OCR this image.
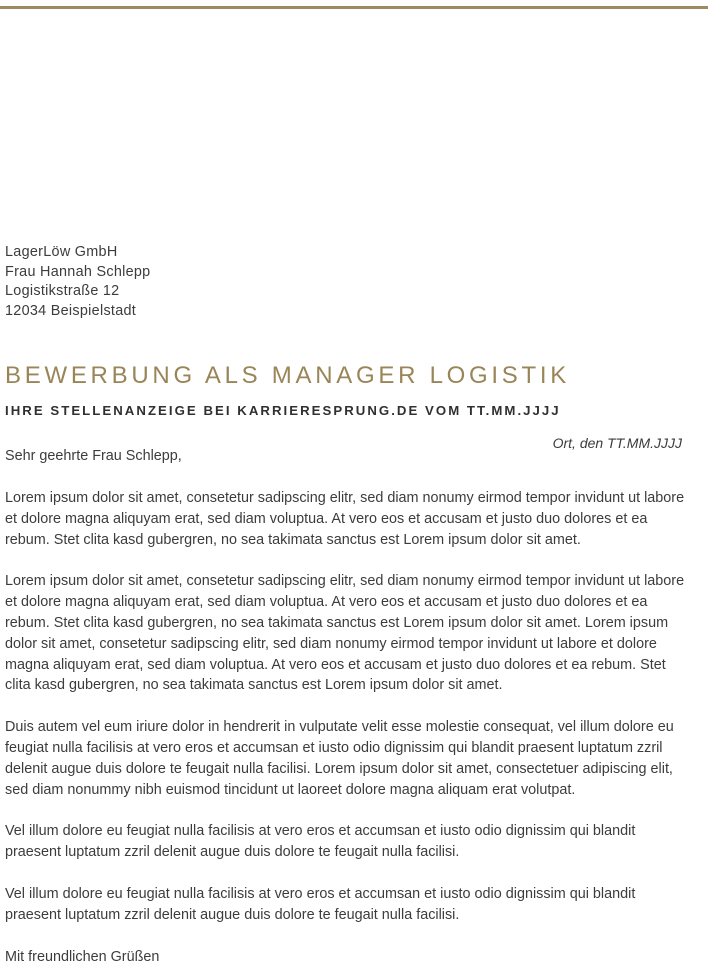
LagerLöw GmbH
Frau Hannah Schlepp
Logistikstraße 12
12034 Beispielstadt
BEWERBUNG ALS MANAGER LOGISTIK
IHRE STELLENANZEIGE BEI KARRIERESPRUNG.DE VOM TT.MM.JJJJ
Ort, den TT.MM.JJJJ
Sehr geehrte Frau Schlepp,

Lorem ipsum dolor sit amet, consetetur sadipscing elitr, sed diam nonumy eirmod tempor invidunt ut labore et dolore magna aliquyam erat, sed diam voluptua. At vero eos et accusam et justo duo dolores et ea rebum. Stet clita kasd gubergren, no sea takimata sanctus est Lorem ipsum dolor sit amet.

Lorem ipsum dolor sit amet, consetetur sadipscing elitr, sed diam nonumy eirmod tempor invidunt ut labore et dolore magna aliquyam erat, sed diam voluptua. At vero eos et accusam et justo duo dolores et ea rebum. Stet clita kasd gubergren, no sea takimata sanctus est Lorem ipsum dolor sit amet. Lorem ipsum dolor sit amet, consetetur sadipscing elitr, sed diam nonumy eirmod tempor invidunt ut labore et dolore magna aliquyam erat, sed diam voluptua. At vero eos et accusam et justo duo dolores et ea rebum. Stet clita kasd gubergren, no sea takimata sanctus est Lorem ipsum dolor sit amet.

Duis autem vel eum iriure dolor in hendrerit in vulputate velit esse molestie consequat, vel illum dolore eu feugiat nulla facilisis at vero eros et accumsan et iusto odio dignissim qui blandit praesent luptatum zzril delenit augue duis dolore te feugait nulla facilisi. Lorem ipsum dolor sit amet, consectetuer adipiscing elit, sed diam nonummy nibh euismod tincidunt ut laoreet dolore magna aliquam erat volutpat.

Vel illum dolore eu feugiat nulla facilisis at vero eros et accumsan et iusto odio dignissim qui blandit praesent luptatum zzril delenit augue duis dolore te feugait nulla facilisi.

Vel illum dolore eu feugiat nulla facilisis at vero eros et accumsan et iusto odio dignissim qui blandit praesent luptatum zzril delenit augue duis dolore te feugait nulla facilisi.

Mit freundlichen Grüßen
